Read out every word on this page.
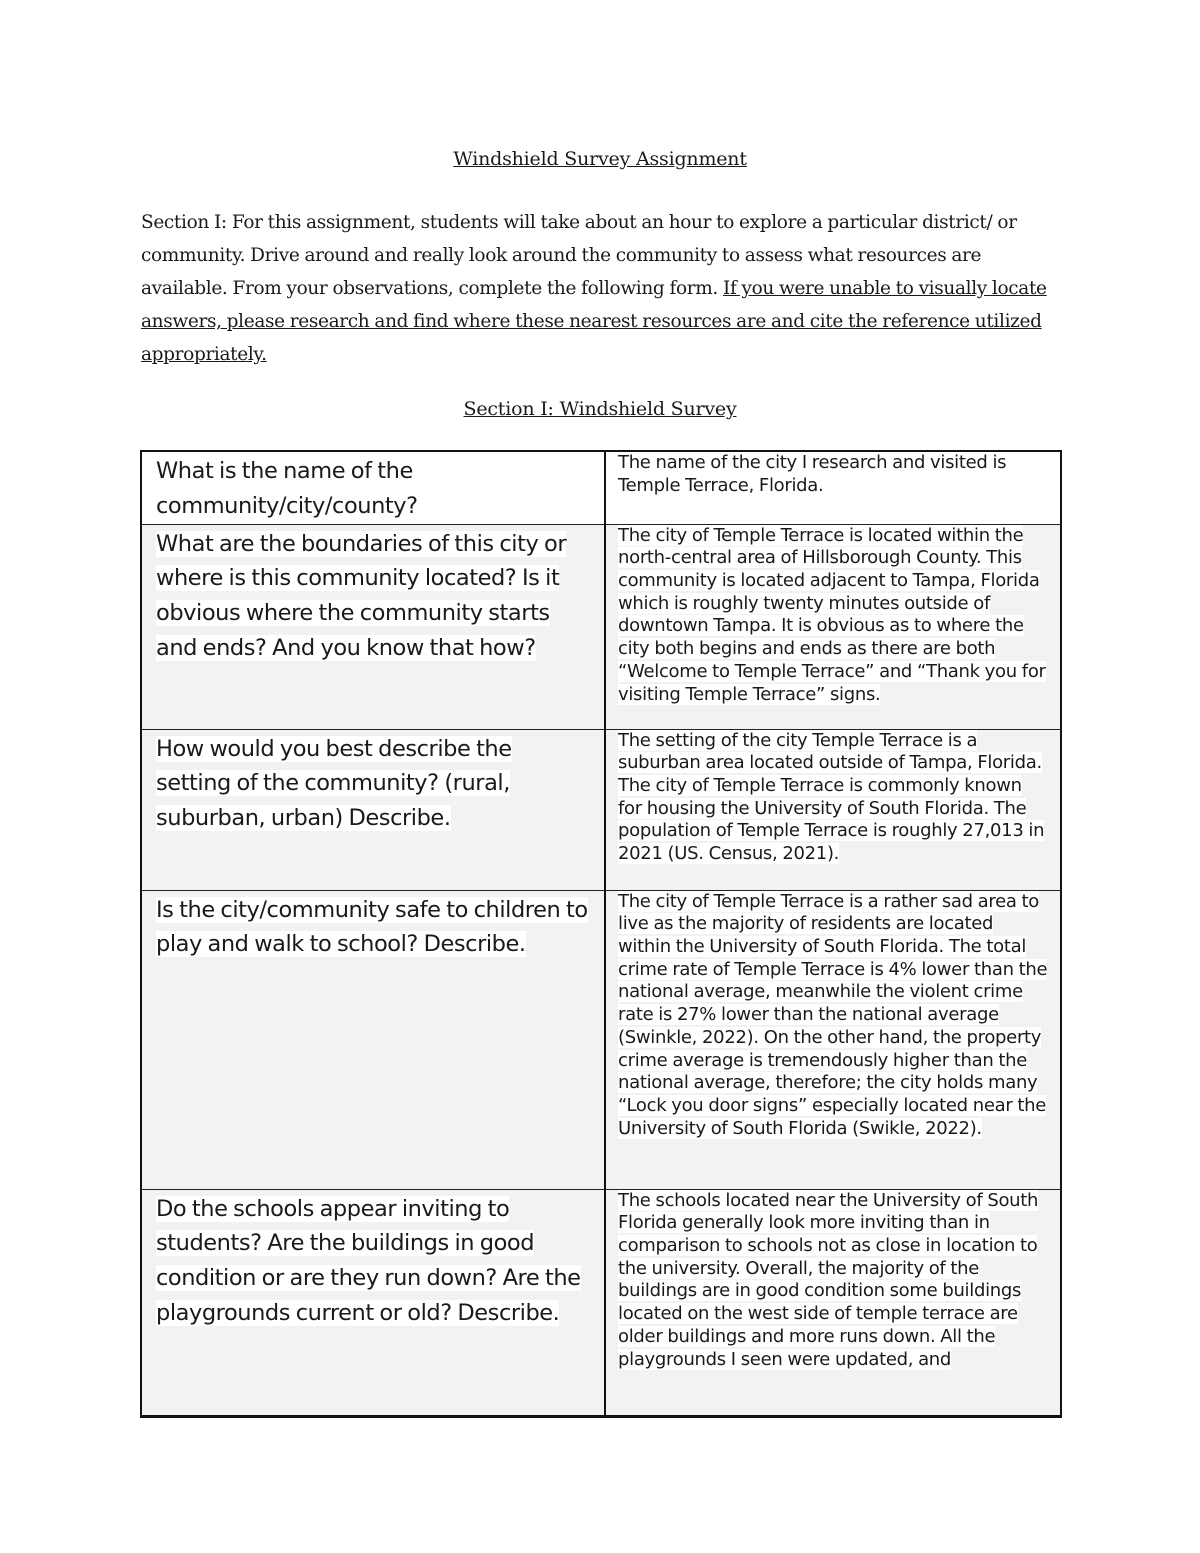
Windshield Survey Assignment

Section I: For this assignment, students will take about an hour to explore a particular district/ or community. Drive around and really look around the community to assess what resources are available. From your observations, complete the following form. If you were unable to visually locate answers, please research and find where these nearest resources are and cite the reference utilized appropriately.

Section I: Windshield Survey
What is the name of the community/city/county?	The name of the city I research and visited is Temple Terrace, Florida.

What are the boundaries of this city or where is this community located? Is it obvious where the community starts and ends? And you know that how?	The city of Temple Terrace is located within the north-central area of Hillsborough County. This community is located adjacent to Tampa, Florida which is roughly twenty minutes outside of downtown Tampa. It is obvious as to where the city both begins and ends as there are both “Welcome to Temple Terrace” and “Thank you for visiting Temple Terrace” signs.

How would you best describe the setting of the community? (rural, suburban, urban) Describe.	The setting of the city Temple Terrace is a suburban area located outside of Tampa, Florida. The city of Temple Terrace is commonly known for housing the University of South Florida. The population of Temple Terrace is roughly 27,013 in 2021 (US. Census, 2021).

Is the city/community safe to children to play and walk to school? Describe.	The city of Temple Terrace is a rather sad area to live as the majority of residents are located within the University of South Florida. The total crime rate of Temple Terrace is 4% lower than the national average, meanwhile the violent crime rate is 27% lower than the national average (Swinkle, 2022). On the other hand, the property crime average is tremendously higher than the national average, therefore; the city holds many “Lock you door signs” especially located near the University of South Florida (Swikle, 2022).

Do the schools appear inviting to students? Are the buildings in good condition or are they run down? Are the playgrounds current or old? Describe.	The schools located near the University of South Florida generally look more inviting than in comparison to schools not as close in location to the university. Overall, the majority of the buildings are in good condition some buildings located on the west side of temple terrace are older buildings and more runs down. All the playgrounds I seen were updated, and
